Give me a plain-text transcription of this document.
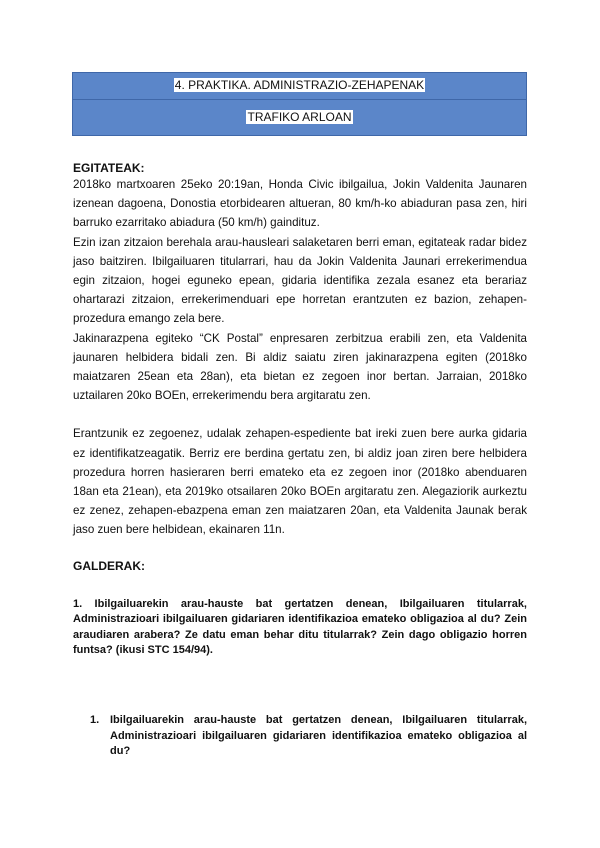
4. PRAKTIKA. ADMINISTRAZIO-ZEHAPENAK
TRAFIKO ARLOAN

EGITATEAK:

2018ko martxoaren 25eko 20:19an, Honda Civic ibilgailua, Jokin Valdenita Jaunaren izenean dagoena, Donostia etorbidearen altueran, 80 km/h-ko abiaduran pasa zen, hiri barruko ezarritako abiadura (50 km/h) gainditu​z.

Ezin izan zitzaion berehala arau-hausleari salaketaren berri eman, egitateak radar bidez jaso baitziren. Ibilgailuaren titularrari, hau da Jokin Valdenita Jaunari errekerimendua egin zitzaion, hogei eguneko epean, gidaria identifika zezala esanez eta berariaz ohartarazi zitzaion, errekerimenduari epe horretan erantzuten ez bazion, zehapen-prozedura emango zela bere.

Jakinarazpena egiteko “CK Postal” enpresaren zerbitzua erabili zen, eta Valdenita jaunaren helbidera bidali zen. Bi aldiz saiatu ziren jakinarazpena egiten (2018ko maiatzaren 25ean eta 28an), eta bietan ez zegoen inor bertan. Jarraian, 2018ko uztailaren 20ko BOEn, errekerimendu bera argitaratu zen.

Erantzunik ez zegoenez, udalak zehapen-espediente bat ireki zuen bere aurka gidaria ez identifikatzeagatik. Berriz ere berdina gertatu zen, bi aldiz joan ziren bere helbidera prozedura horren hasieraren berri emateko eta ez zegoen inor (2018ko abenduaren 18an eta 21ean), eta 2019ko otsailaren 20ko BOEn argitaratu zen. Alegaziorik aurkeztu ez zenez, zehapen-ebazpena eman zen maiatzaren 20an, eta Valdenita Jaunak berak jaso zuen bere helbidean, ekainaren 11n.

GALDERAK:

1. Ibilgailuarekin arau-hauste bat gertatzen denean, Ibilgailuaren titularrak, Administrazioari ibilgailuaren gidariaren identifikazioa emateko obligazioa al du? Zein araudiaren arabera? Ze datu eman behar ditu titularrak? Zein dago obligazio horren funtsa? (ikusi STC 154/94).

1. Ibilgailuarekin arau-hauste bat gertatzen denean, Ibilgailuaren titularrak, Administrazioari ibilgailuaren gidariaren identifikazioa emateko obligazioa al du?
